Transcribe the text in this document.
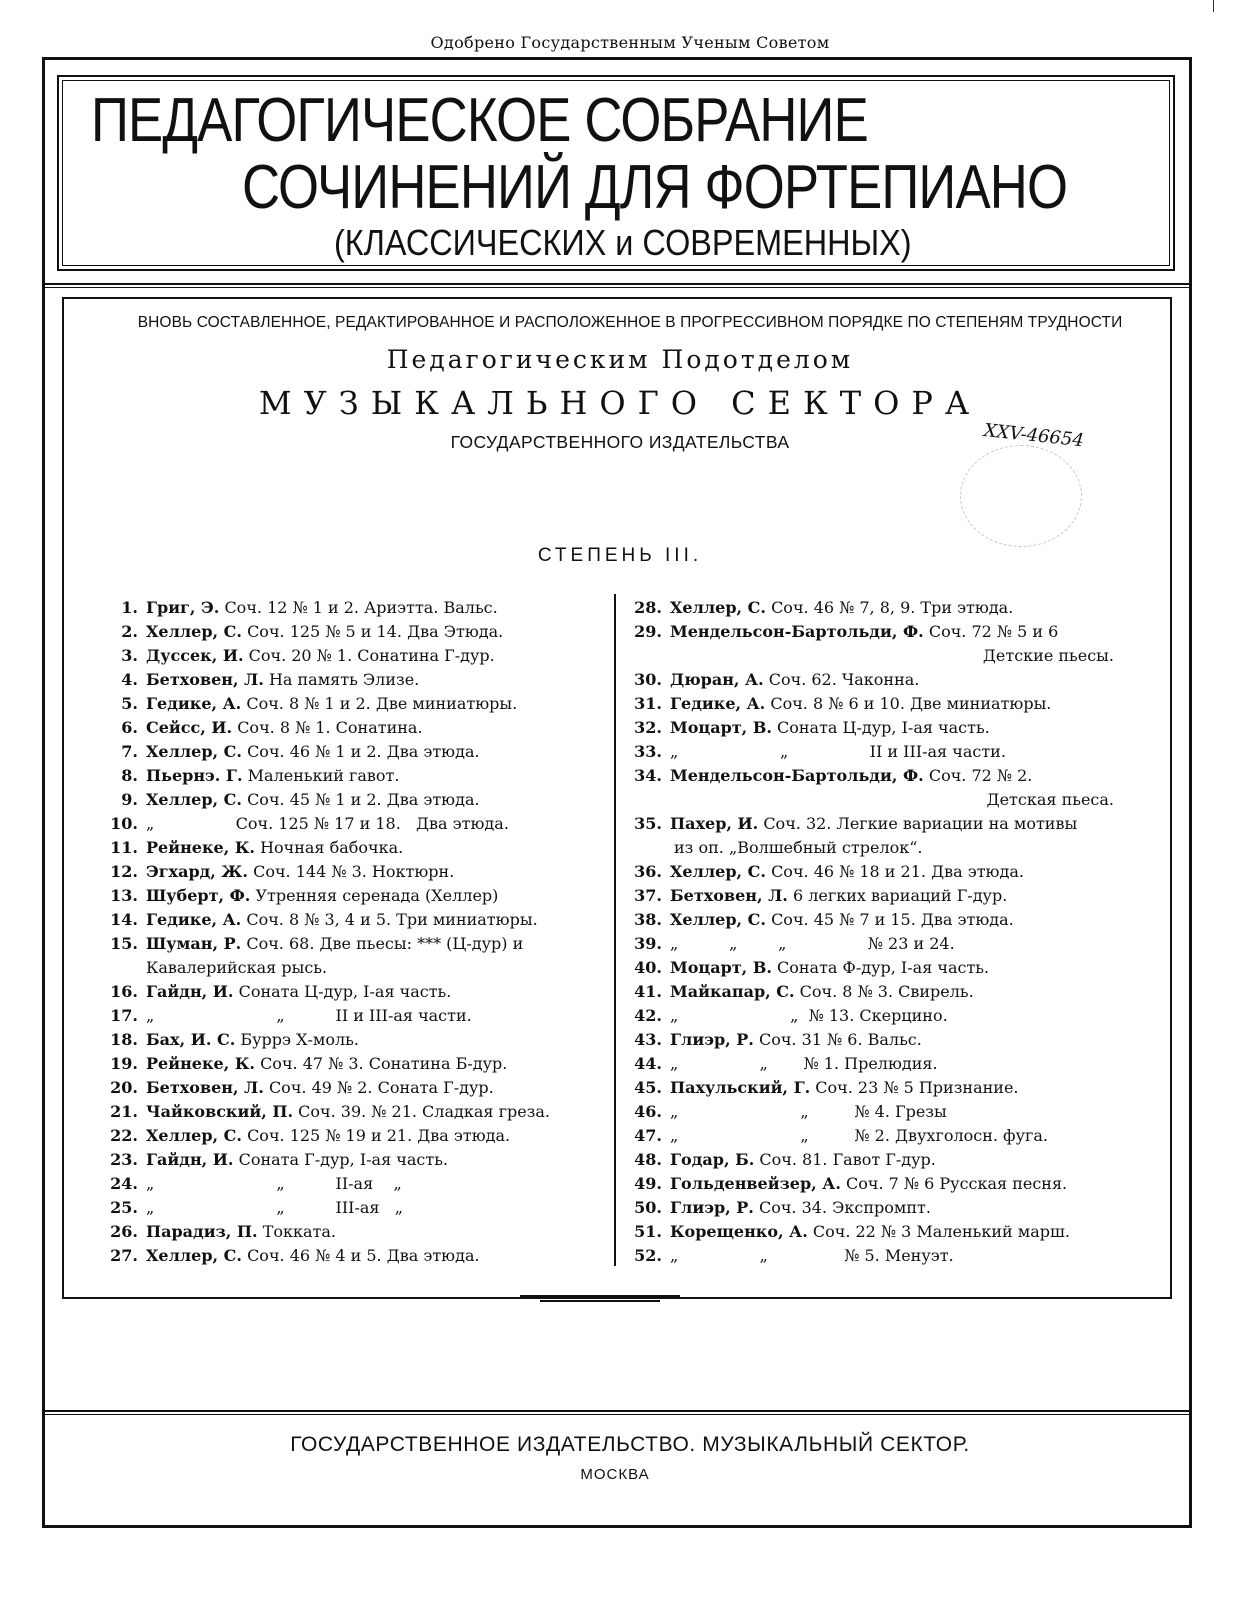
Одобрено Государственным Ученым Советом
ПЕДАГОГИЧЕСКОЕ СОБРАНИЕ
СОЧИНЕНИЙ ДЛЯ ФОРТЕПИАНО
(КЛАССИЧЕСКИХ и СОВРЕМЕННЫХ)
ВНОВЬ СОСТАВЛЕННОЕ, РЕДАКТИРОВАННОЕ И РАСПОЛОЖЕННОЕ В ПРОГРЕССИВНОМ ПОРЯДКЕ ПО СТЕПЕНЯМ ТРУДНОСТИ
Педагогическим Подотделом
МУЗЫКАЛЬНОГО СЕКТОРА
ГОСУДАРСТВЕННОГО ИЗДАТЕЛЬСТВА	XXV-46654
СТЕПЕНЬ III.
1. Григ, Э. Соч. 12 № 1 и 2. Ариэтта. Вальс.
2. Хеллер, С. Соч. 125 № 5 и 14. Два Этюда.
3. Дуссек, И. Соч. 20 № 1. Сонатина Г-дур.
4. Бетховен, Л. На память Элизе.
5. Гедике, А. Соч. 8 № 1 и 2. Две миниатюры.
6. Сейсс, И. Соч. 8 № 1. Сонатина.
7. Хеллер, С. Соч. 46 № 1 и 2. Два этюда.
8. Пьернэ. Г. Маленький гавот.
9. Хеллер, С. Соч. 45 № 1 и 2. Два этюда.
10. „                Соч. 125 № 17 и 18.   Два этюда.
11. Рейнеке, К. Ночная бабочка.
12. Эгхард, Ж. Соч. 144 № 3. Ноктюрн.
13. Шуберт, Ф. Утренняя серенада (Хеллер)
14. Гедике, А. Соч. 8 № 3, 4 и 5. Три миниатюры.
15. Шуман, Р. Соч. 68. Две пьесы: *** (Ц-дур) и
Кавалерийская рысь.
16. Гайдн, И. Соната Ц-дур, I-ая часть.
17. „                        „          II и III-ая части.
18. Бах, И. С. Буррэ Х-моль.
19. Рейнеке, К. Соч. 47 № 3. Сонатина Б-дур.
20. Бетховен, Л. Соч. 49 № 2. Соната Г-дур.
21. Чайковский, П. Соч. 39. № 21. Сладкая греза.
22. Хеллер, С. Соч. 125 № 19 и 21. Два этюда.
23. Гайдн, И. Соната Г-дур, I-ая часть.
24. „                        „          II-ая    „
25. „                        „          III-ая   „
26. Парадиз, П. Токката.
27. Хеллер, С. Соч. 46 № 4 и 5. Два этюда.
28. Хеллер, С. Соч. 46 № 7, 8, 9. Три этюда.
29. Мендельсон-Бартольди, Ф. Соч. 72 № 5 и 6
Детские пьесы.
30. Дюран, А. Соч. 62. Чаконна.
31. Гедике, А. Соч. 8 № 6 и 10. Две миниатюры.
32. Моцарт, В. Соната Ц-дур, I-ая часть.
33. „                    „                II и III-ая части.
34. Мендельсон-Бартольди, Ф. Соч. 72 № 2.
Детская пьеса.
35. Пахер, И. Соч. 32. Легкие вариации на мотивы
из оп. „Волшебный стрелок“.
36. Хеллер, С. Соч. 46 № 18 и 21. Два этюда.
37. Бетховен, Л. 6 легких вариаций Г-дур.
38. Хеллер, С. Соч. 45 № 7 и 15. Два этюда.
39. „          „        „                № 23 и 24.
40. Моцарт, В. Соната Ф-дур, I-ая часть.
41. Майкапар, С. Соч. 8 № 3. Свирель.
42. „                      „  № 13. Скерцино.
43. Глиэр, Р. Соч. 31 № 6. Вальс.
44. „                „       № 1. Прелюдия.
45. Пахульский, Г. Соч. 23 № 5 Признание.
46. „                        „         № 4. Грезы
47. „                        „         № 2. Двухголосн. фуга.
48. Годар, Б. Соч. 81. Гавот Г-дур.
49. Гольденвейзер, А. Соч. 7 № 6 Русская песня.
50. Глиэр, Р. Соч. 34. Экспромпт.
51. Корещенко, А. Соч. 22 № 3 Маленький марш.
52. „                „               № 5. Менуэт.
ГОСУДАРСТВЕННОЕ ИЗДАТЕЛЬСТВО. МУЗЫКАЛЬНЫЙ СЕКТОР.
МОСКВА
